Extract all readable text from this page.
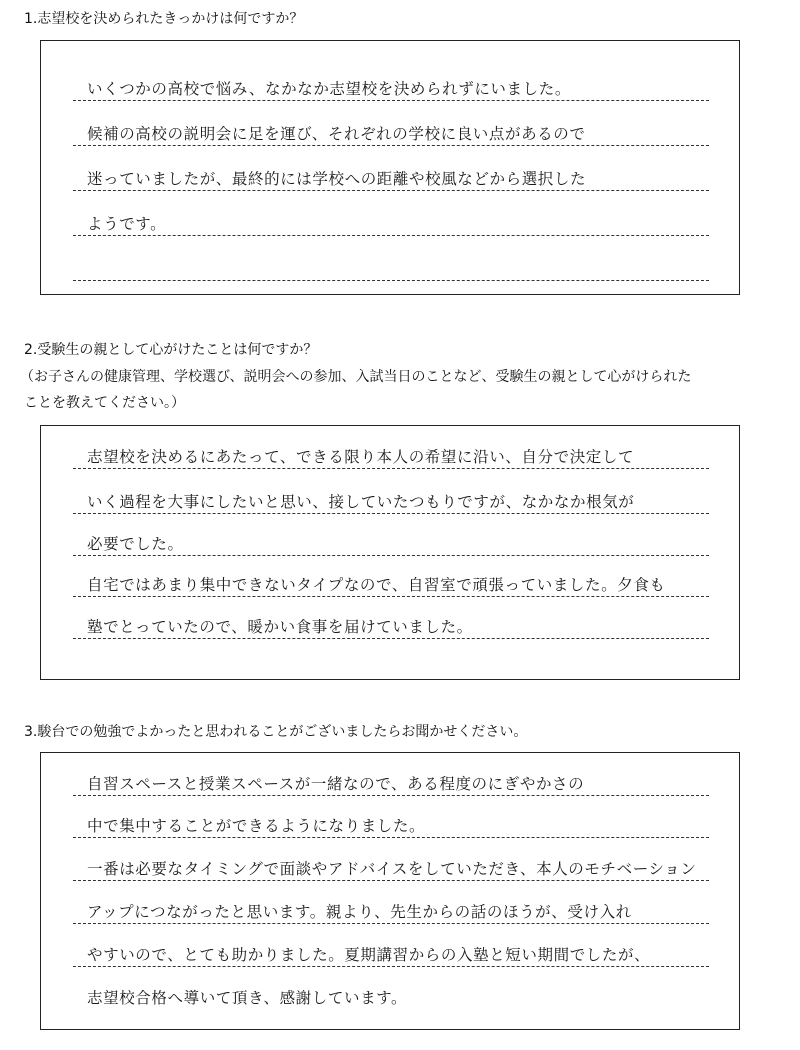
1.志望校を決められたきっかけは何ですか？
いくつかの高校で悩み、なかなか志望校を決められずにいました。
候補の高校の説明会に足を運び、それぞれの学校に良い点があるので
迷っていましたが、最終的には学校への距離や校風などから選択した
ようです。
2.受験生の親として心がけたことは何ですか？
（お子さんの健康管理、学校選び、説明会への参加、入試当日のことなど、受験生の親として心がけられた
ことを教えてください。）
志望校を決めるにあたって、できる限り本人の希望に沿い、自分で決定して
いく過程を大事にしたいと思い、接していたつもりですが、なかなか根気が
必要でした。
自宅ではあまり集中できないタイプなので、自習室で頑張っていました。夕食も
塾でとっていたので、暖かい食事を届けていました。
3.駿台での勉強でよかったと思われることがございましたらお聞かせください。
自習スペースと授業スペースが一緒なので、ある程度のにぎやかさの
中で集中することができるようになりました。
一番は必要なタイミングで面談やアドバイスをしていただき、本人のモチベーション
アップにつながったと思います。親より、先生からの話のほうが、受け入れ
やすいので、とても助かりました。夏期講習からの入塾と短い期間でしたが、
志望校合格へ導いて頂き、感謝しています。
